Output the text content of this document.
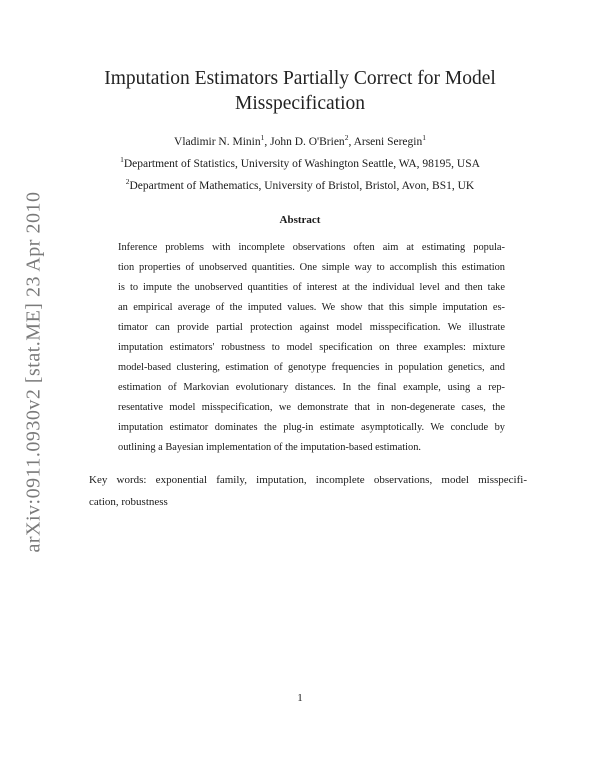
arXiv:0911.0930v2 [stat.ME] 23 Apr 2010
Imputation Estimators Partially Correct for Model Misspecification
Vladimir N. Minin$^1$, John D. O'Brien$^2$, Arseni Seregin$^1$
$^1$Department of Statistics, University of Washington Seattle, WA, 98195, USA
$^2$Department of Mathematics, University of Bristol, Bristol, Avon, BS1, UK
Abstract
Inference problems with incomplete observations often aim at estimating popula-
tion properties of unobserved quantities. One simple way to accomplish this estimation
is to impute the unobserved quantities of interest at the individual level and then take
an empirical average of the imputed values. We show that this simple imputation es-
timator can provide partial protection against model misspecification. We illustrate
imputation estimators' robustness to model specification on three examples: mixture
model-based clustering, estimation of genotype frequencies in population genetics, and
estimation of Markovian evolutionary distances. In the final example, using a rep-
resentative model misspecification, we demonstrate that in non-degenerate cases, the
imputation estimator dominates the plug-in estimate asymptotically. We conclude by
outlining a Bayesian implementation of the imputation-based estimation.
Key words: exponential family, imputation, incomplete observations, model misspecifi-
cation, robustness
1
